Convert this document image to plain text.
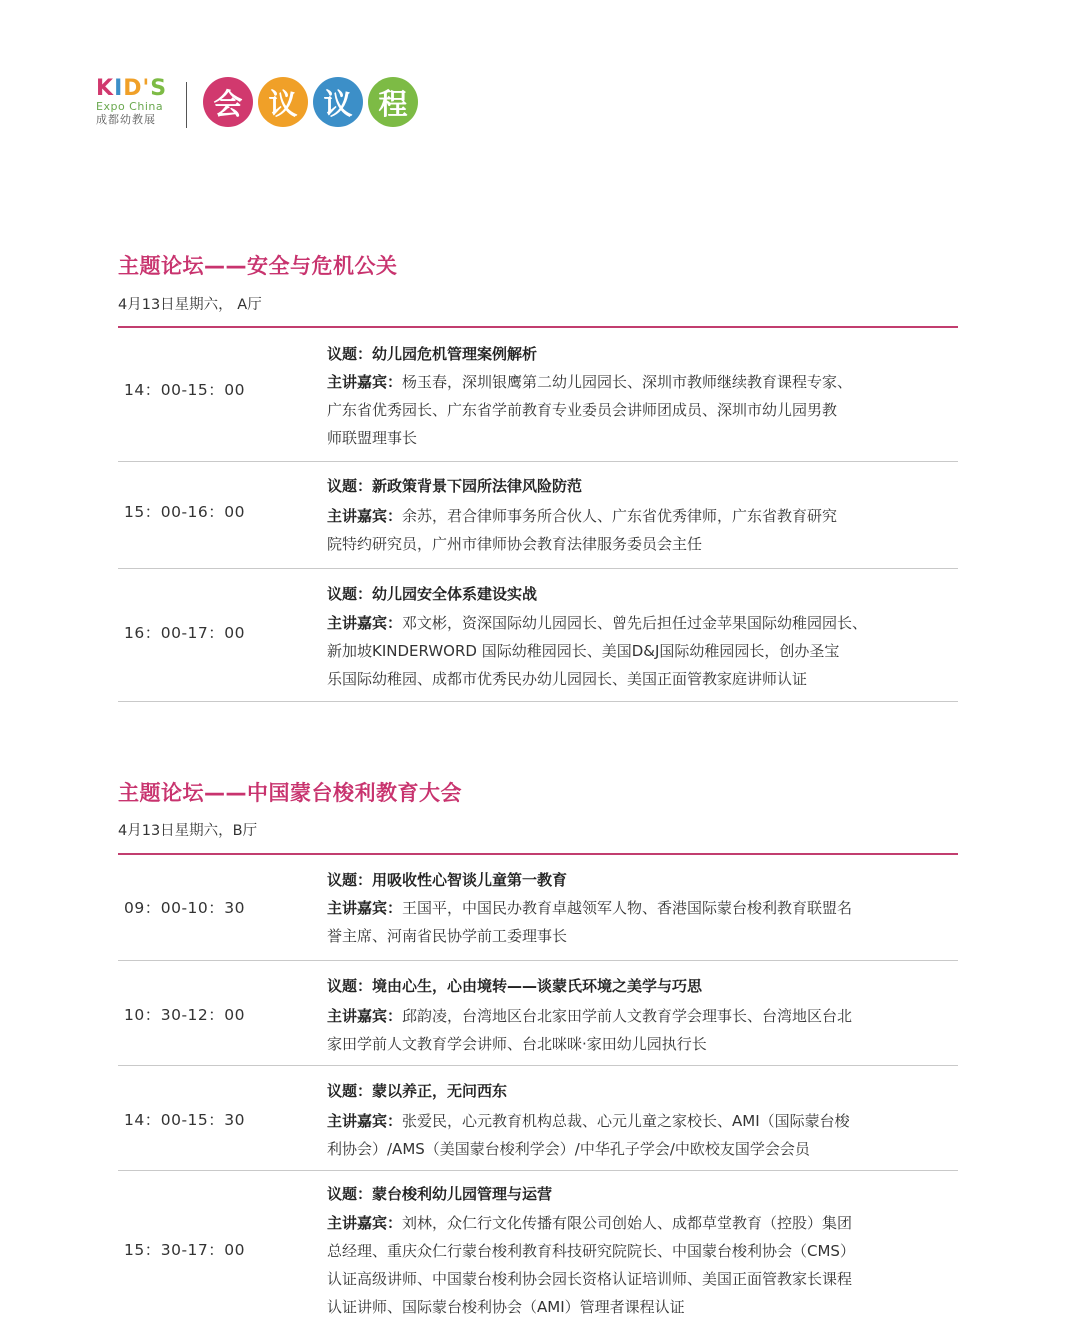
KID'S
Expo China
成都幼教展	会 议 议 程
主题论坛——安全与危机公关
4月13日星期六， A厅
14：00-15：00
议题：幼儿园危机管理案例解析
主讲嘉宾：杨玉春，深圳银鹰第二幼儿园园长、深圳市教师继续教育课程专家、
广东省优秀园长、广东省学前教育专业委员会讲师团成员、深圳市幼儿园男教
师联盟理事长
15：00-16：00
议题：新政策背景下园所法律风险防范
主讲嘉宾：余苏，君合律师事务所合伙人、广东省优秀律师，广东省教育研究
院特约研究员，广州市律师协会教育法律服务委员会主任
16：00-17：00
议题：幼儿园安全体系建设实战
主讲嘉宾：邓文彬，资深国际幼儿园园长、曾先后担任过金苹果国际幼稚园园长、
新加坡KINDERWORD 国际幼稚园园长、美国D&J国际幼稚园园长，创办圣宝
乐国际幼稚园、成都市优秀民办幼儿园园长、美国正面管教家庭讲师认证
主题论坛——中国蒙台梭利教育大会
4月13日星期六，B厅
09：00-10：30
议题：用吸收性心智谈儿童第一教育
主讲嘉宾：王国平，中国民办教育卓越领军人物、香港国际蒙台梭利教育联盟名
誉主席、河南省民协学前工委理事长
10：30-12：00
议题：境由心生，心由境转——谈蒙氏环境之美学与巧思
主讲嘉宾：邱韵凌，台湾地区台北家田学前人文教育学会理事长、台湾地区台北
家田学前人文教育学会讲师、台北咪咪·家田幼儿园执行长
14：00-15：30
议题：蒙以养正，无问西东
主讲嘉宾：张爱民，心元教育机构总裁、心元儿童之家校长、AMI（国际蒙台梭
利协会）/AMS（美国蒙台梭利学会）/中华孔子学会/中欧校友国学会会员
15：30-17：00
议题：蒙台梭利幼儿园管理与运营
主讲嘉宾：刘林，众仁行文化传播有限公司创始人、成都草堂教育（控股）集团
总经理、重庆众仁行蒙台梭利教育科技研究院院长、中国蒙台梭利协会（CMS）
认证高级讲师、中国蒙台梭利协会园长资格认证培训师、美国正面管教家长课程
认证讲师、国际蒙台梭利协会（AMI）管理者课程认证
